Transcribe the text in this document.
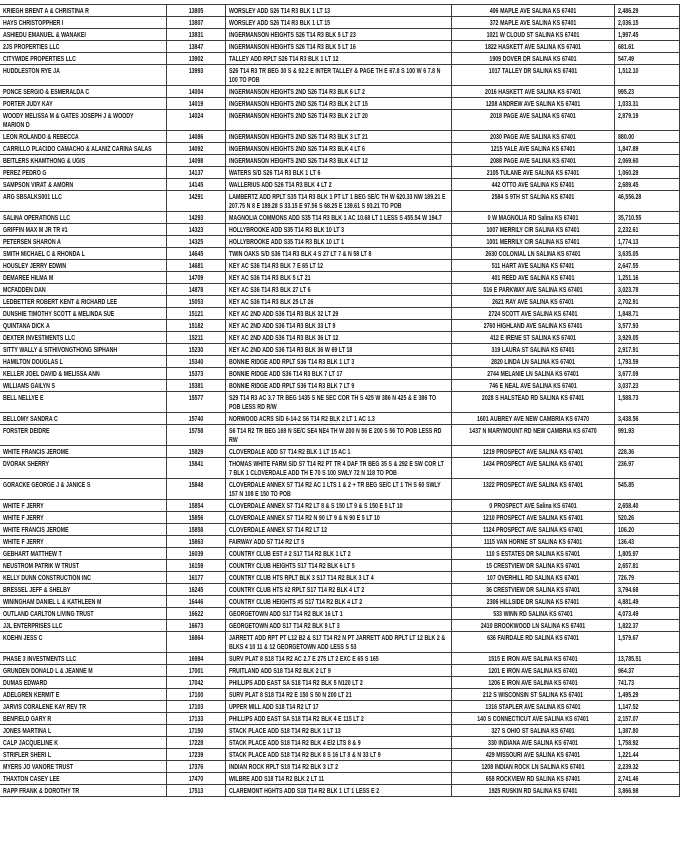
KRIEGH BRENT A & CHRISTINA R	13805	WORSLEY ADD S26 T14 R3 BLK 1 LT 13	406 MAPLE AVE SALINA KS 67401	2,486.29

HAYS CHRISTOPPHER I	13807	WORSLEY ADD S26 T14 R3 BLK 1 LT 15	372 MAPLE AVE SALINA KS 67401	2,036.15

ASHIEDU EMANUEL & WANAKEI	13831	INGERMANSON HEIGHTS S26 T14 R3 BLK 5 LT 23	1021 W CLOUD ST SALINA KS 67401	1,997.45

2JS PROPERTIES LLC	13847	INGERMANSON HEIGHTS S26 T14 R3 BLK 5 LT 16	1822 HASKETT AVE SALINA KS 67401	681.61

CITYWIDE PROPERTIES LLC	13902	TALLEY ADD RPLT S26 T14 R3 BLK 1 LT 12	1909 DOVER DR SALINA KS 67401	547.49

HUDDLESTON RYE JA	13993	S26 T14 R3 TR BEG 30 S & 92.2 E INTER TALLEY & PAGE TH E 67.8 S 100 W 6 7.8 N 100 TO POB	1017 TALLEY DR SALINA KS 67401	1,512.10

PONCE SERGIO & ESMERALDA C	14004	INGERMANSON HEIGHTS 2ND S26 T14 R3 BLK 6 LT 2	2016 HASKETT AVE SALINA KS 67401	995.23

PORTER JUDY KAY	14019	INGERMANSON HEIGHTS 2ND S26 T14 R3 BLK 2 LT 15	1208 ANDREW AVE SALINA KS 67401	1,033.31

WOODY MELISSA M & GATES JOSEPH J & WOODY MARION D	14024	INGERMANSON HEIGHTS 2ND S26 T14 R3 BLK 2 LT 20	2018 PAGE AVE SALINA KS 67401	2,879.19

LEON ROLANDO & REBECCA	14086	INGERMANSON HEIGHTS 2ND S26 T14 R3 BLK 3 LT 21	2030 PAGE AVE SALINA KS 67401	880.00

CARRILLO PLACIDO CAMACHO & ALANIZ CARINA SALAS	14092	INGERMANSON HEIGHTS 2ND S26 T14 R3 BLK 4 LT 6	1215 YALE AVE SALINA KS 67401	1,847.89

BEITLERS KHAMTHONG & UGIS	14098	INGERMANSON HEIGHTS 2ND S26 T14 R3 BLK 4 LT 12	2088 PAGE AVE SALINA KS 67401	2,069.60

PEREZ PEDRO G	14137	WATERS S/D S26 T14 R3 BLK 1 LT 6	2105 TULANE AVE SALINA KS 67401	1,060.28

SAMPSON VIRAT & AMORN	14145	WALLERIUS ADD S26 T14 R3 BLK 4 LT 2	442 OTTO AVE SALINA KS 67401	2,689.45

ARG SBSALKS001 LLC	14291	LAMBERTZ ADD RPLT S35 T14 R3 BLK 1 PT LT 1 BEG SE/C TH W 620.33 NW 189.21 E 207.75 N 8 E 189.28 S 33.15 E 97.56 S 68.25 E 139.61 S 93.21 TO POB	2584 S 9TH ST SALINA KS 67401	46,556.28

SALINA OPERATIONS LLC	14293	MAGNOLIA COMMONS ADD S35 T14 R3 BLK 1 AC 10.68 LT 1 LESS S 455.54 W 194.7	0 W MAGNOLIA RD Salina KS 67401	35,710.55

GRIFFIN MAX M JR TR #1	14323	HOLLYBROOKE ADD S35 T14 R3 BLK 10 LT 3	1007 MERRILY CIR SALINA KS 67401	2,232.61

PETERSEN SHARON A	14325	HOLLYBROOKE ADD S35 T14 R3 BLK 10 LT 1	1001 MERRILY CIR SALINA KS 67401	1,774.13

SMITH MICHAEL C & RHONDA L	14645	TWIN OAKS S/D S36 T14 R3 BLK 4 S 27 LT 7 & N 58 LT 8	2630 COLONIAL LN SALINA KS 67401	3,635.05

HOUSLEY JERRY EDWIN	14681	KEY AC S36 T14 R3 BLK 7 E 65 LT 12	511 HART AVE SALINA KS 67401	2,647.55

DEMAREE HILMA M	14709	KEY AC S36 T14 R3 BLK 5 LT 21	401 REED AVE SALINA KS 67401	1,251.16

MCFADDEN DAN	14878	KEY AC S36 T14 R3 BLK 27 LT 6	516 E PARKWAY AVE SALINA KS 67401	3,023.78

LEDBETTER ROBERT KENT & RICHARD LEE	15053	KEY AC S36 T14 R3 BLK 25 LT 26	2621 RAY AVE SALINA KS 67401	2,702.91

DUNSHIE TIMOTHY SCOTT & MELINDA SUE	15121	KEY AC 2ND ADD S36 T14 R3 BLK 32 LT 29	2724 SCOTT AVE SALINA KS 67401	1,848.71

QUINTANA DICK A	15182	KEY AC 2ND ADD S36 T14 R3 BLK 33 LT 9	2760 HIGHLAND AVE SALINA KS 67401	3,577.93

DEXTER INVESTMENTS LLC	15211	KEY AC 2ND ADD S36 T14 R3 BLK 36 LT 12	412 E IRENE ST SALINA KS 67401	3,929.05

SITTY WALLY & SITHIVONGTHONG SIPHANH	15230	KEY AC 2ND ADD S36 T14 R3 BLK 36 W 69 LT 18	319 LAURA ST SALINA KS 67401	2,917.91

HAMILTON DOUGLAS L	15340	BONNIE RIDGE ADD RPLT S36 T14 R3 BLK 1 LT 3	2820 LINDA LN SALINA KS 67401	1,793.59

KELLER JOEL DAVID & MELISSA ANN	15373	BONNIE RIDGE ADD S36 T14 R3 BLK 7 LT 17	2744 MELANIE LN SALINA KS 67401	3,677.09

WILLIAMS GAILYN S	15381	BONNIE RIDGE ADD RPLT S36 T14 R3 BLK 7 LT 9	746 E NEAL AVE SALINA KS 67401	3,037.23

BELL NELLYE E	15577	S29 T14 R3 AC 3.7 TR BEG 1435 S NE SEC COR TH S 425 W 386 N 425 & E 386 TO POB LESS RD R/W	2028 S HALSTEAD RD SALINA KS 67401	1,588.73

BELLOMY SANDRA C	15740	NORWOOD ACRS S/D 6-14-2 S6 T14 R2 BLK 2 LT 1 AC 1.3	1601 AUBREY AVE NEW CAMBRIA KS 67470	3,438.56

FORSTER DEIDRE	15758	S6 T14 R2 TR BEG 169 N SE/C SE4 NE4 TH W 200 N 56 E 200 S 56 TO POB LESS RD RW	1437 N MARYMOUNT RD NEW CAMBRIA KS 67470	991.93

WHITE FRANCIS JEROME	15829	CLOVERDALE ADD S7 T14 R2 BLK 1 LT 15 AC 1	1219 PROSPECT AVE SALINA KS 67401	228.36

DVORAK SHERRY	15841	THOMAS WHITE FARM S/D S7 T14 R2 PT TR 4 DAF TR BEG 35 S & 292 E SW COR LT 7 BLK 1 CLOVERDALE ADD TH E 70 S 100 SWLY 72 N 118 TO POB	1434 PROSPECT AVE SALINA KS 67401	236.97

GORACKE GEORGE J & JANICE S	15848	CLOVERDALE ANNEX S7 T14 R2 AC 1 LTS 1 & 2 + TR BEG SE/C LT 1 TH S 60 SWLY 157 N 108 E 150 TO POB	1322 PROSPECT AVE SALINA KS 67401	545.85

WHITE F JERRY	15854	CLOVERDALE ANNEX S7 T14 R2 LT 8 & S 150 LT 9 & S 150 E 5 LT 10	0 PROSPECT AVE Salina KS 67401	2,658.40

WHITE F JERRY	15856	CLOVERDALE ANNEX S7 T14 R2 N 90 LT 9 & N 90 E 5 LT 10	1210 PROSPECT AVE SALINA KS 67401	520.26

WHITE FRANCIS JEROME	15858	CLOVERDALE ANNEX S7 T14 R2 LT 12	1124 PROSPECT AVE SALINA KS 67401	106.20

WHITE F JERRY	15863	FAIRWAY ADD S7 T14 R2 LT 5	1115 VAN HORNE ST SALINA KS 67401	136.43

GEBHART MATTHEW T	16039	COUNTRY CLUB EST # 2 S17 T14 R2 BLK 1 LT 2	110 S ESTATES DR SALINA KS 67401	1,805.97

NEUSTROM PATRIK W TRUST	16159	COUNTRY CLUB HEIGHTS S17 T14 R2 BLK 6 LT 5	15 CRESTVIEW DR SALINA KS 67401	2,657.81

KELLY DUNN CONSTRUCTION INC	16177	COUNTRY CLUB HTS RPLT BLK 3 S17 T14 R2 BLK 3 LT 4	107 OVERHILL RD SALINA KS 67401	726.79

BRESSEL JEFF & SHELBY	16245	COUNTRY CLUB HTS #2 RPLT S17 T14 R2 BLK 4 LT 2	36 CRESTVIEW DR SALINA KS 67401	3,794.68

WININGHAM DANIEL L & KATHLEEN M	16446	COUNTRY CLUB HEIGHTS #5 S17 T14 R2 BLK 4 LT 2	2306 HILLSIDE DR SALINA KS 67401	4,881.49

OUTLAND CARLTON LIVING TRUST	16622	GEORGETOWN ADD S17 T14 R2 BLK 16 LT 1	533 WINN RD SALINA KS 67401	4,073.49

JJL ENTERPRISES LLC	16673	GEORGETOWN ADD S17 T14 R2 BLK 9 LT 3	2410 BROOKWOOD LN SALINA KS 67401	1,822.37

KOEHN JESS C	16864	JARRETT ADD RPT PT L12 B2 & S17 T14 R2 N PT JARRETT ADD RPLT LT 12 BLK 2 & BLKS 4 10 11 & 12 GEORGETOWN ADD LESS S 53	636 FAIRDALE RD SALINA KS 67401	1,579.67

PHASE 3 INVESTMENTS LLC	16984	SURV PLAT 8 S18 T14 R2 AC 2.7 E 275 LT 2 EXC E 65 S 165	1515 E IRON AVE SALINA KS 67401	13,785.51

GRUNDEN DONALD L & JEANNE M	17001	FRUITLAND ADD S18 T14 R2 BLK 2 LT 9	1201 E IRON AVE SALINA KS 67401	964.37

DUMAS EDWARD	17042	PHILLIPS ADD EAST SA S18 T14 R2 BLK 5 N120 LT 2	1206 E IRON AVE SALINA KS 67401	741.73

ADELGREN KERMIT E	17100	SURV PLAT 8 S18 T14 R2 E 150 S 50 N 200 LT 21	212 S WISCONSIN ST SALINA KS 67401	1,495.29

JARVIS CORALENE KAY REV TR	17103	UPPER MILL ADD S18 T14 R2 LT 17	1316 STAPLER AVE SALINA KS 67401	1,147.52

BENFIELD GARY R	17133	PHILLIPS ADD EAST SA S18 T14 R2 BLK 4 E 115 LT 2	140 S CONNECTICUT AVE SALINA KS 67401	2,157.07

JONES MARTINA L	17150	STACK PLACE ADD S18 T14 R2 BLK 1 LT 13	327 S OHIO ST SALINA KS 67401	1,387.80

CALP JACQUELINE K	17228	STACK PLACE ADD S18 T14 R2 BLK 4 E/2 LTS 8 & 9	330 INDIANA AVE SALINA KS 67401	1,758.92

STRIFLER SHERI L	17239	STACK PLACE ADD S18 T14 R2 BLK 8 S 16 LT 8 & N 33 LT 9	429 MISSOURI AVE SALINA KS 67401	1,221.44

MYERS JO VANORE TRUST	17376	INDIAN ROCK RPLT S18 T14 R2 BLK 3 LT 2	1208 INDIAN ROCK LN SALINA KS 67401	2,239.32

THAXTON CASEY LEE	17470	WILBRE ADD S18 T14 R2 BLK 2 LT 11	658 ROCKVIEW RD SALINA KS 67401	2,741.46

RAPP FRANK & DOROTHY TR	17513	CLAREMONT HGHTS ADD S18 T14 R2 BLK 1 LT 1 LESS E 2	1925 RUSKIN RD SALINA KS 67401	3,866.98
